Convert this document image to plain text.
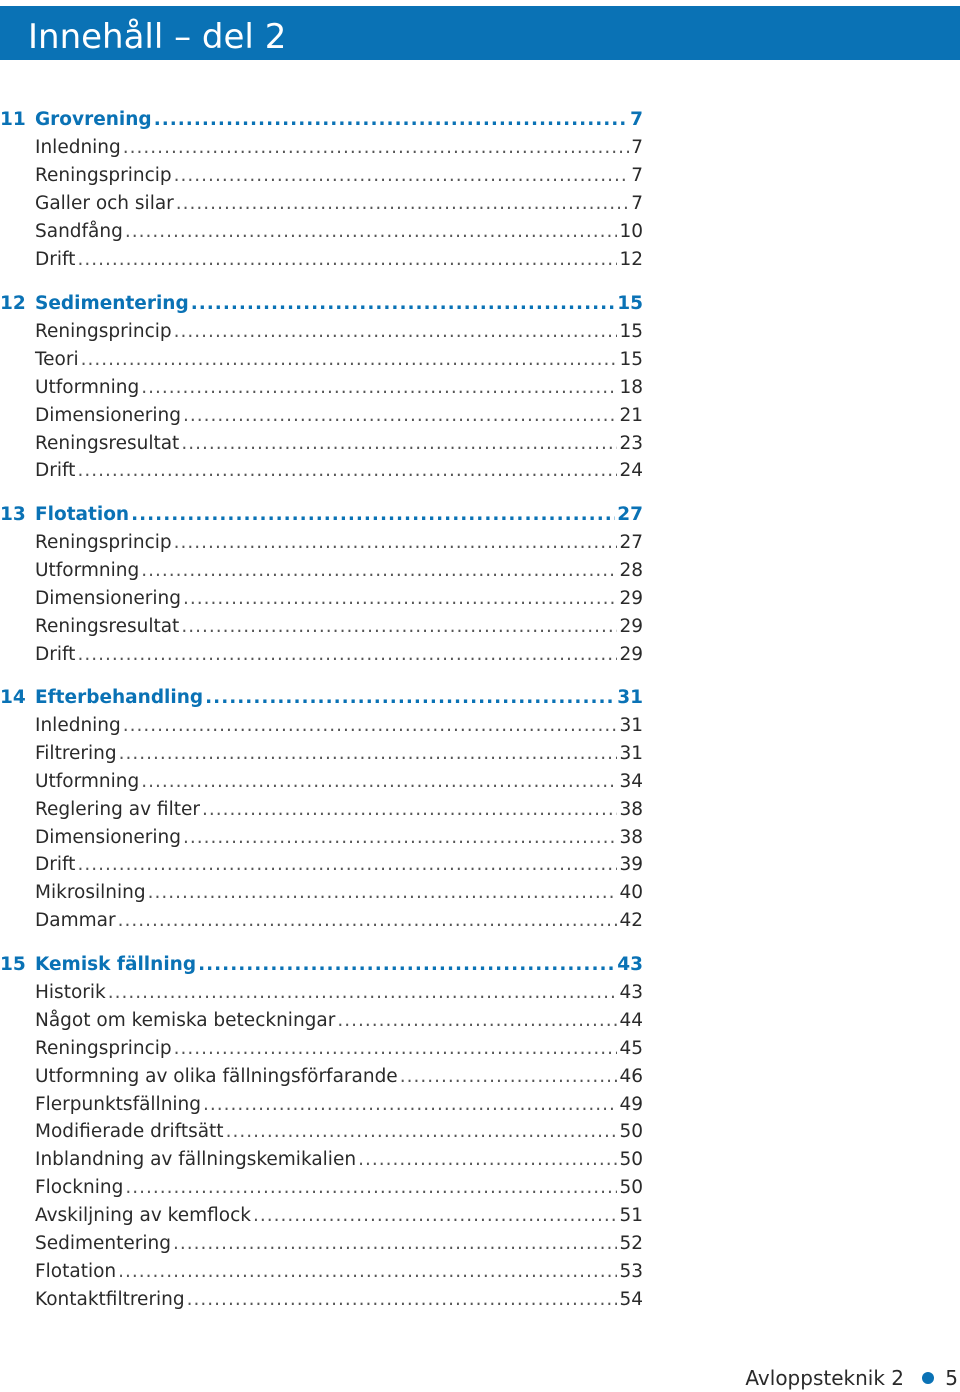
Innehåll – del 2
11 Grovrening .....	7
Inledning .....	7
Reningsprincip .....	7
Galler och silar .....	7
Sandfång .....	10
Drift .....	12
12 Sedimentering .....	15
Reningsprincip .....	15
Teori .....	15
Utformning .....	18
Dimensionering .....	21
Reningsresultat .....	23
Drift .....	24
13 Flotation .....	27
Reningsprincip .....	27
Utformning .....	28
Dimensionering .....	29
Reningsresultat .....	29
Drift .....	29
14 Efterbehandling .....	31
Inledning .....	31
Filtrering .....	31
Utformning .....	34
Reglering av filter .....	38
Dimensionering .....	38
Drift .....	39
Mikrosilning .....	40
Dammar .....	42
15 Kemisk fällning .....	43
Historik .....	43
Något om kemiska beteckningar .....	44
Reningsprincip .....	45
Utformning av olika fällningsförfarande .....	46
Flerpunktsfällning .....	49
Modifierade driftsätt .....	50
Inblandning av fällningskemikalien .....	50
Flockning .....	50
Avskiljning av kemflock .....	51
Sedimentering .....	52
Flotation .....	53
Kontaktfiltrering .....	54
Avloppsteknik 2 5
